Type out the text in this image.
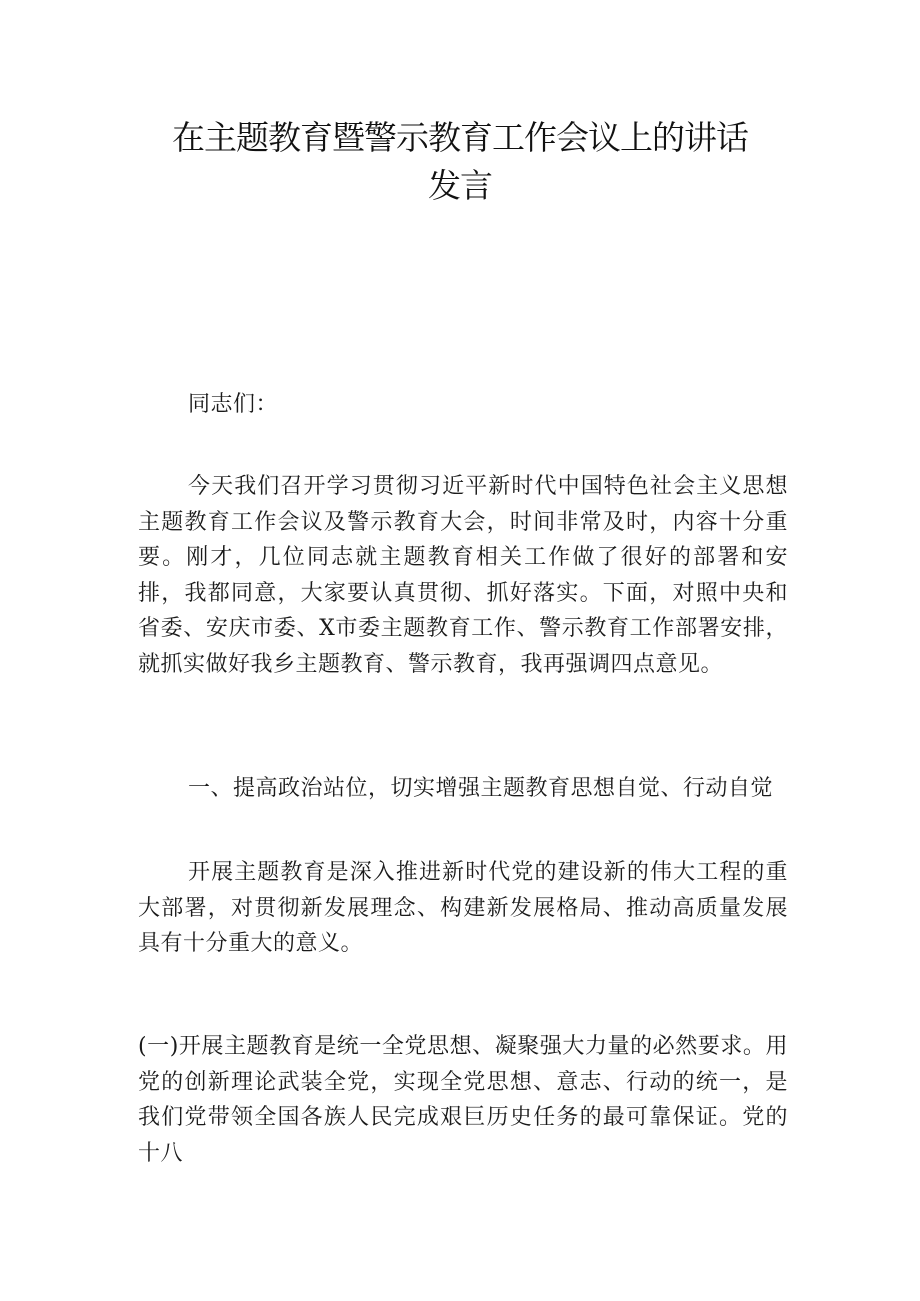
在主题教育暨警示教育工作会议上的讲话
发言

同志们：

今天我们召开学习贯彻习近平新时代中国特色社会主义思想主题教育工作会议及警示教育大会，时间非常及时，内容十分重要。刚才，几位同志就主题教育相关工作做了很好的部署和安排，我都同意，大家要认真贯彻、抓好落实。下面，对照中央和省委、安庆市委、X市委主题教育工作、警示教育工作部署安排，就抓实做好我乡主题教育、警示教育，我再强调四点意见。

一、提高政治站位，切实增强主题教育思想自觉、行动自觉

开展主题教育是深入推进新时代党的建设新的伟大工程的重大部署，对贯彻新发展理念、构建新发展格局、推动高质量发展具有十分重大的意义。

(一)开展主题教育是统一全党思想、凝聚强大力量的必然要求。用党的创新理论武装全党，实现全党思想、意志、行动的统一，是我们党带领全国各族人民完成艰巨历史任务的最可靠保证。党的十八
